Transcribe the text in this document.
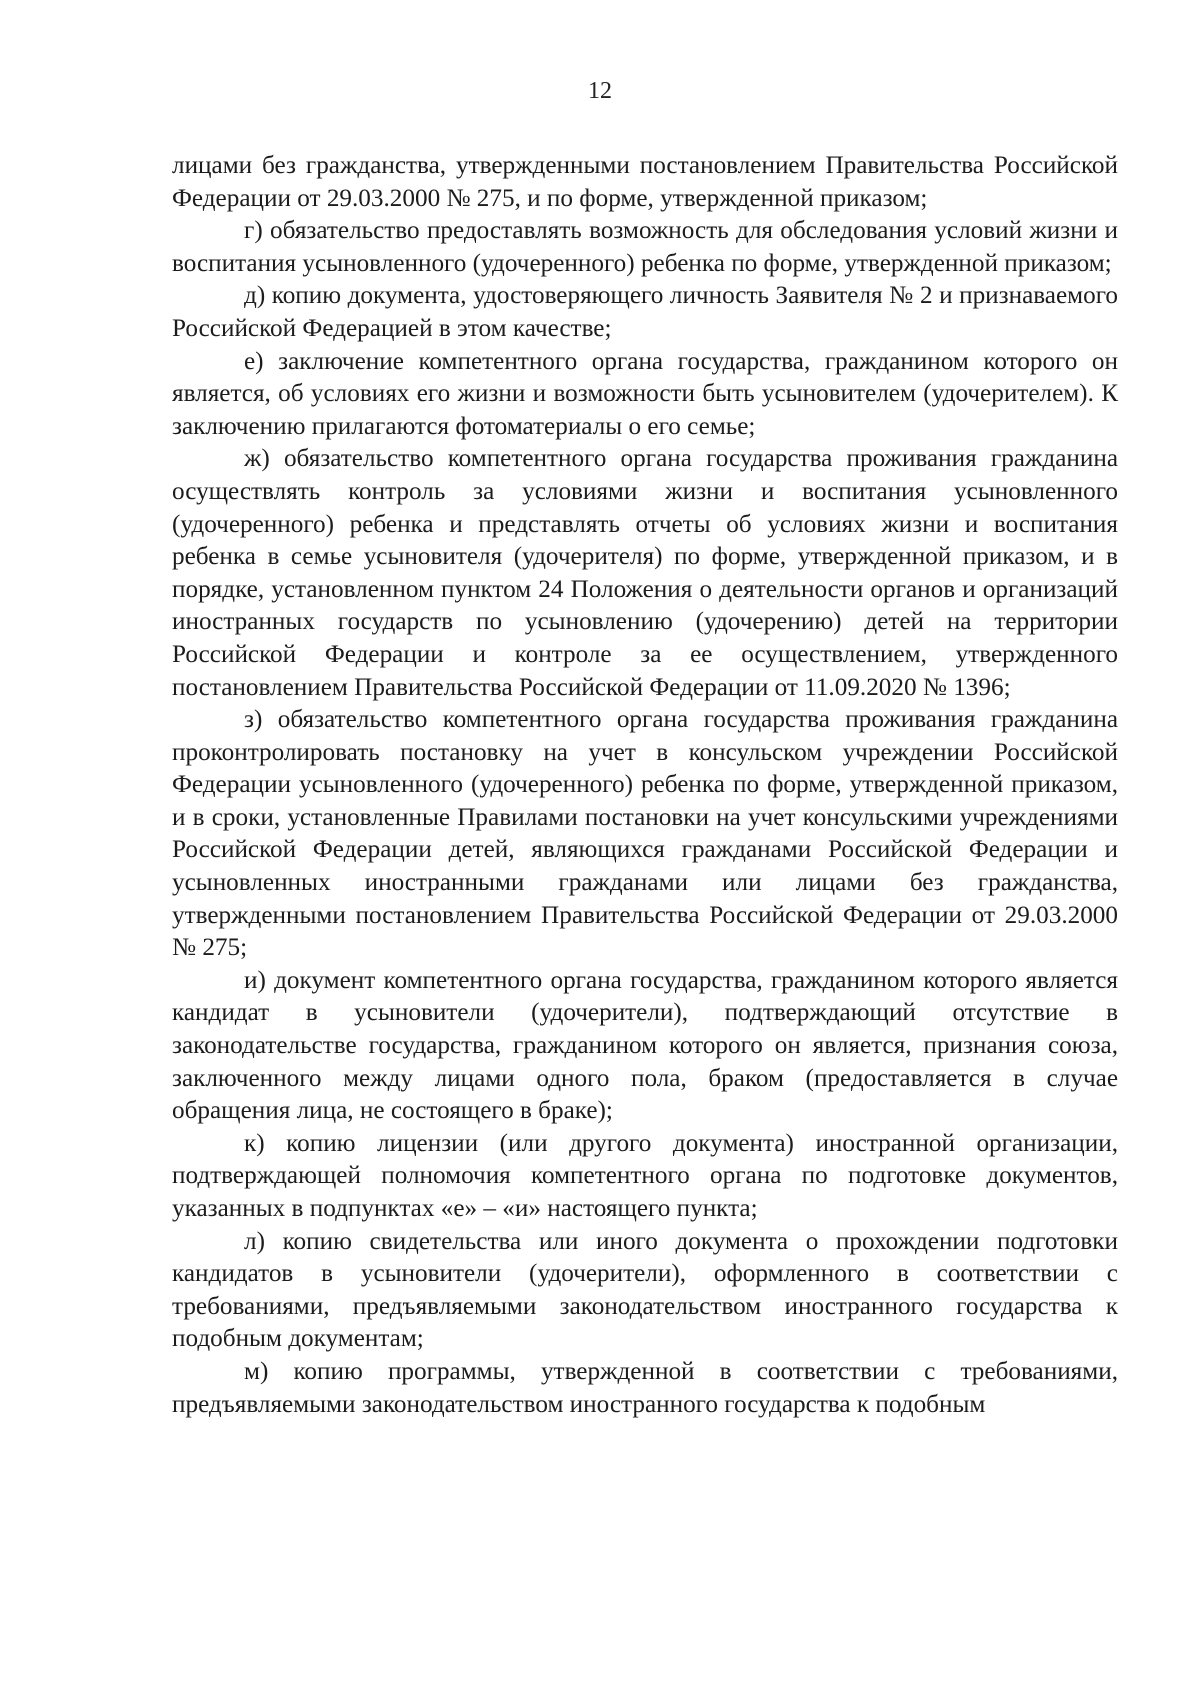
12

лицами без гражданства, утвержденными постановлением Правительства Российской Федерации от 29.03.2000 № 275, и по форме, утвержденной приказом;

г) обязательство предоставлять возможность для обследования условий жизни и воспитания усыновленного (удочеренного) ребенка по форме, утвержденной приказом;

д) копию документа, удостоверяющего личность Заявителя № 2 и признаваемого Российской Федерацией в этом качестве;

е) заключение компетентного органа государства, гражданином которого он является, об условиях его жизни и возможности быть усыновителем (удочерителем). К заключению прилагаются фотоматериалы о его семье;

ж) обязательство компетентного органа государства проживания гражданина осуществлять контроль за условиями жизни и воспитания усыновленного (удочеренного) ребенка и представлять отчеты об условиях жизни и воспитания ребенка в семье усыновителя (удочерителя) по форме, утвержденной приказом, и в порядке, установленном пунктом 24 Положения о деятельности органов и организаций иностранных государств по усыновлению (удочерению) детей на территории Российской Федерации и контроле за ее осуществлением, утвержденного постановлением Правительства Российской Федерации от 11.09.2020 № 1396;

з) обязательство компетентного органа государства проживания гражданина проконтролировать постановку на учет в консульском учреждении Российской Федерации усыновленного (удочеренного) ребенка по форме, утвержденной приказом, и в сроки, установленные Правилами постановки на учет консульскими учреждениями Российской Федерации детей, являющихся гражданами Российской Федерации и усыновленных иностранными гражданами или лицами без гражданства, утвержденными постановлением Правительства Российской Федерации от 29.03.2000 № 275;

и) документ компетентного органа государства, гражданином которого является кандидат в усыновители (удочерители), подтверждающий отсутствие в законодательстве государства, гражданином которого он является, признания союза, заключенного между лицами одного пола, браком (предоставляется в случае обращения лица, не состоящего в браке);

к) копию лицензии (или другого документа) иностранной организации, подтверждающей полномочия компетентного органа по подготовке документов, указанных в подпунктах «е» – «и» настоящего пункта;

л) копию свидетельства или иного документа о прохождении подготовки кандидатов в усыновители (удочерители), оформленного в соответствии с требованиями, предъявляемыми законодательством иностранного государства к подобным документам;

м) копию программы, утвержденной в соответствии с требованиями, предъявляемыми законодательством иностранного государства к подобным
